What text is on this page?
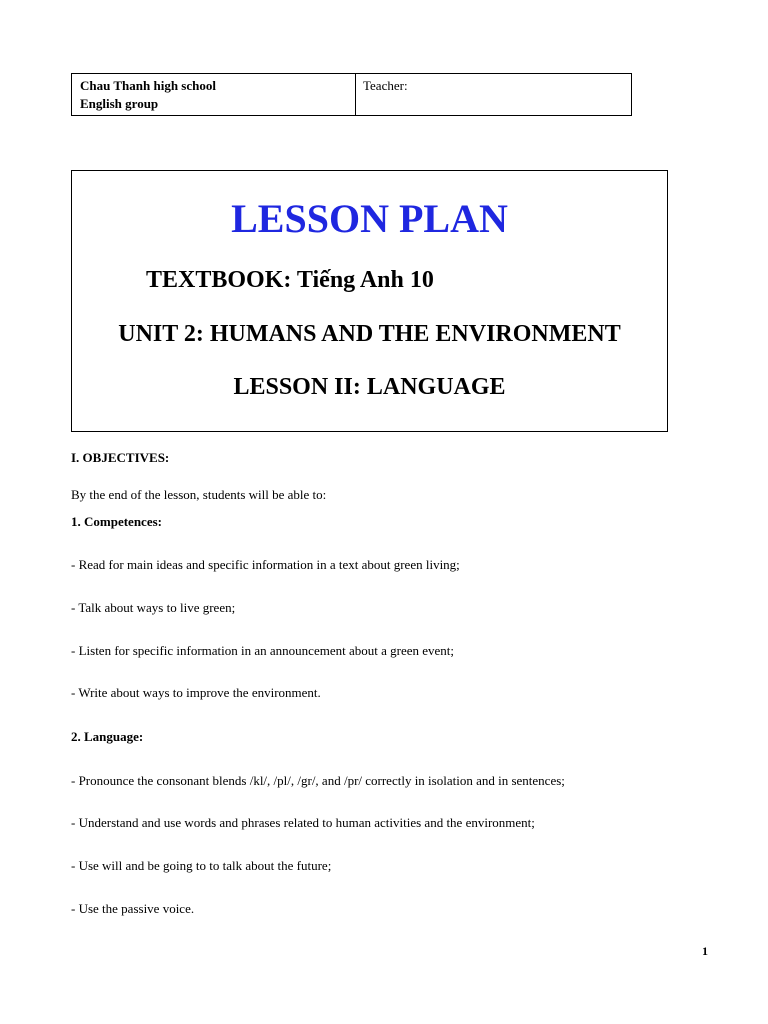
Chau Thanh high school
English group
Teacher:
LESSON PLAN
TEXTBOOK: Tiếng Anh 10
UNIT 2: HUMANS AND THE ENVIRONMENT
LESSON II: LANGUAGE
I. OBJECTIVES:
By the end of the lesson, students will be able to:
1. Competences:
- Read for main ideas and specific information in a text about green living;
- Talk about ways to live green;
- Listen for specific information in an announcement about a green event;
- Write about ways to improve the environment.
2. Language:
- Pronounce the consonant blends /kl/, /pl/, /gr/, and /pr/ correctly in isolation and in sentences;
- Understand and use words and phrases related to human activities and the environment;
- Use will and be going to to talk about the future;
- Use the passive voice.
1
